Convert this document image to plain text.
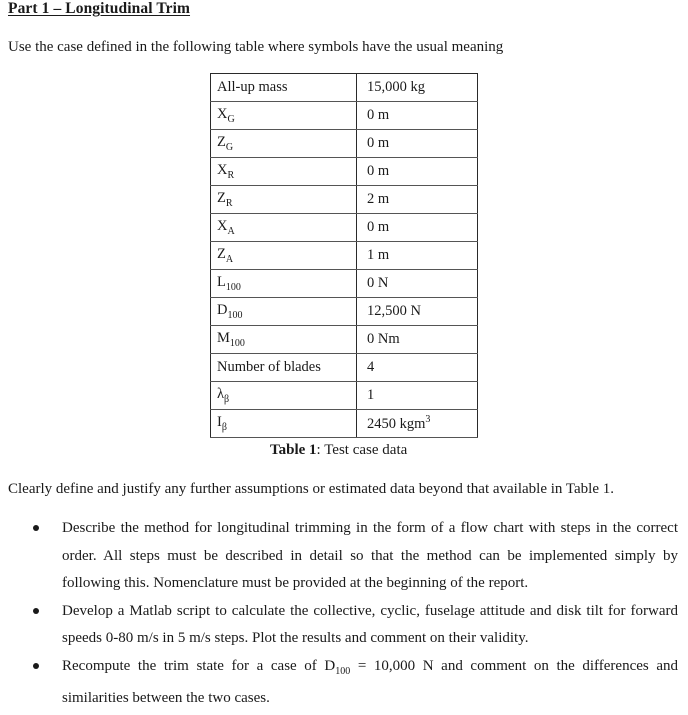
Part 1 – Longitudinal Trim
Use the case defined in the following table where symbols have the usual meaning
All-up mass	15,000 kg
$X_G$	0 m
$Z_G$	0 m
$X_R$	0 m
$Z_R$	2 m
$X_A$	0 m
$Z_A$	1 m
$L_{100}$	0 N
$D_{100}$	12,500 N
$M_{100}$	0 Nm
Number of blades	4
$\lambda_\beta$	1
$I_\beta$	2450 kgm$^3$
Table 1: Test case data
Clearly define and justify any further assumptions or estimated data beyond that available in Table 1.
Describe the method for longitudinal trimming in the form of a flow chart with steps in the correct order. All steps must be described in detail so that the method can be implemented simply by following this. Nomenclature must be provided at the beginning of the report.
Develop a Matlab script to calculate the collective, cyclic, fuselage attitude and disk tilt for forward speeds 0-80 m/s in 5 m/s steps. Plot the results and comment on their validity.
Recompute the trim state for a case of $D_{100} = 10,000$ N and comment on the differences and similarities between the two cases.
